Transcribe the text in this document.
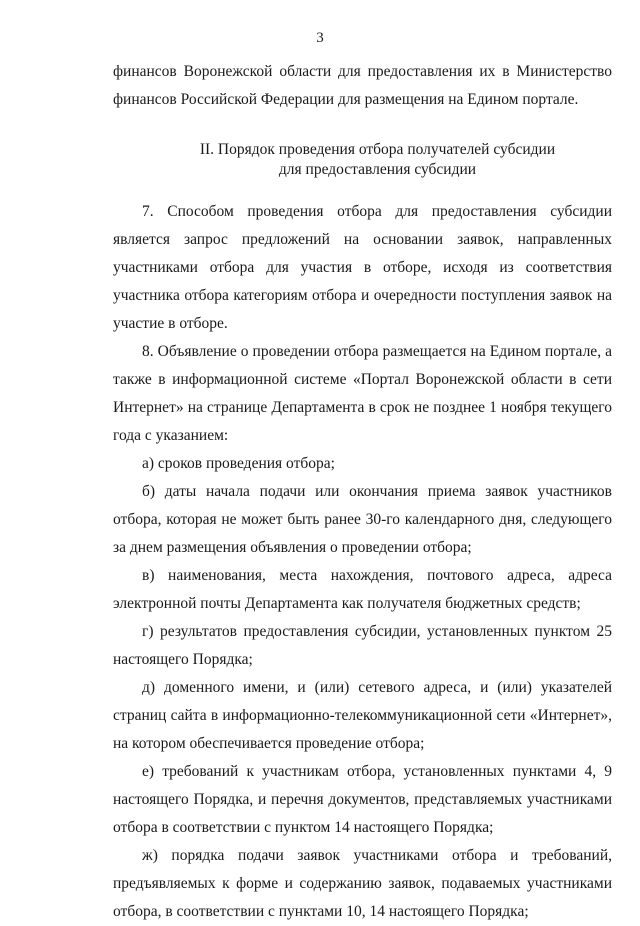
3

финансов Воронежской области для предоставления их в Министерство финансов Российской Федерации для размещения на Едином портале.

II. Порядок проведения отбора получателей субсидии
для предоставления субсидии

7. Способом проведения отбора для предоставления субсидии является запрос предложений на основании заявок, направленных участниками отбора для участия в отборе, исходя из соответствия участника отбора категориям отбора и очередности поступления заявок на участие в отборе.

8. Объявление о проведении отбора размещается на Едином портале, а также в информационной системе «Портал Воронежской области в сети Интернет» на странице Департамента в срок не позднее 1 ноября текущего года с указанием:

а) сроков проведения отбора;

б) даты начала подачи или окончания приема заявок участников отбора, которая не может быть ранее 30-го календарного дня, следующего за днем размещения объявления о проведении отбора;

в) наименования, места нахождения, почтового адреса, адреса электронной почты Департамента как получателя бюджетных средств;

г) результатов предоставления субсидии, установленных пунктом 25 настоящего Порядка;

д) доменного имени, и (или) сетевого адреса, и (или) указателей страниц сайта в информационно-телекоммуникационной сети «Интернет», на котором обеспечивается проведение отбора;

е) требований к участникам отбора, установленных пунктами 4, 9 настоящего Порядка, и перечня документов, представляемых участниками отбора в соответствии с пунктом 14 настоящего Порядка;

ж) порядка подачи заявок участниками отбора и требований, предъявляемых к форме и содержанию заявок, подаваемых участниками отбора, в соответствии с пунктами 10, 14 настоящего Порядка;
